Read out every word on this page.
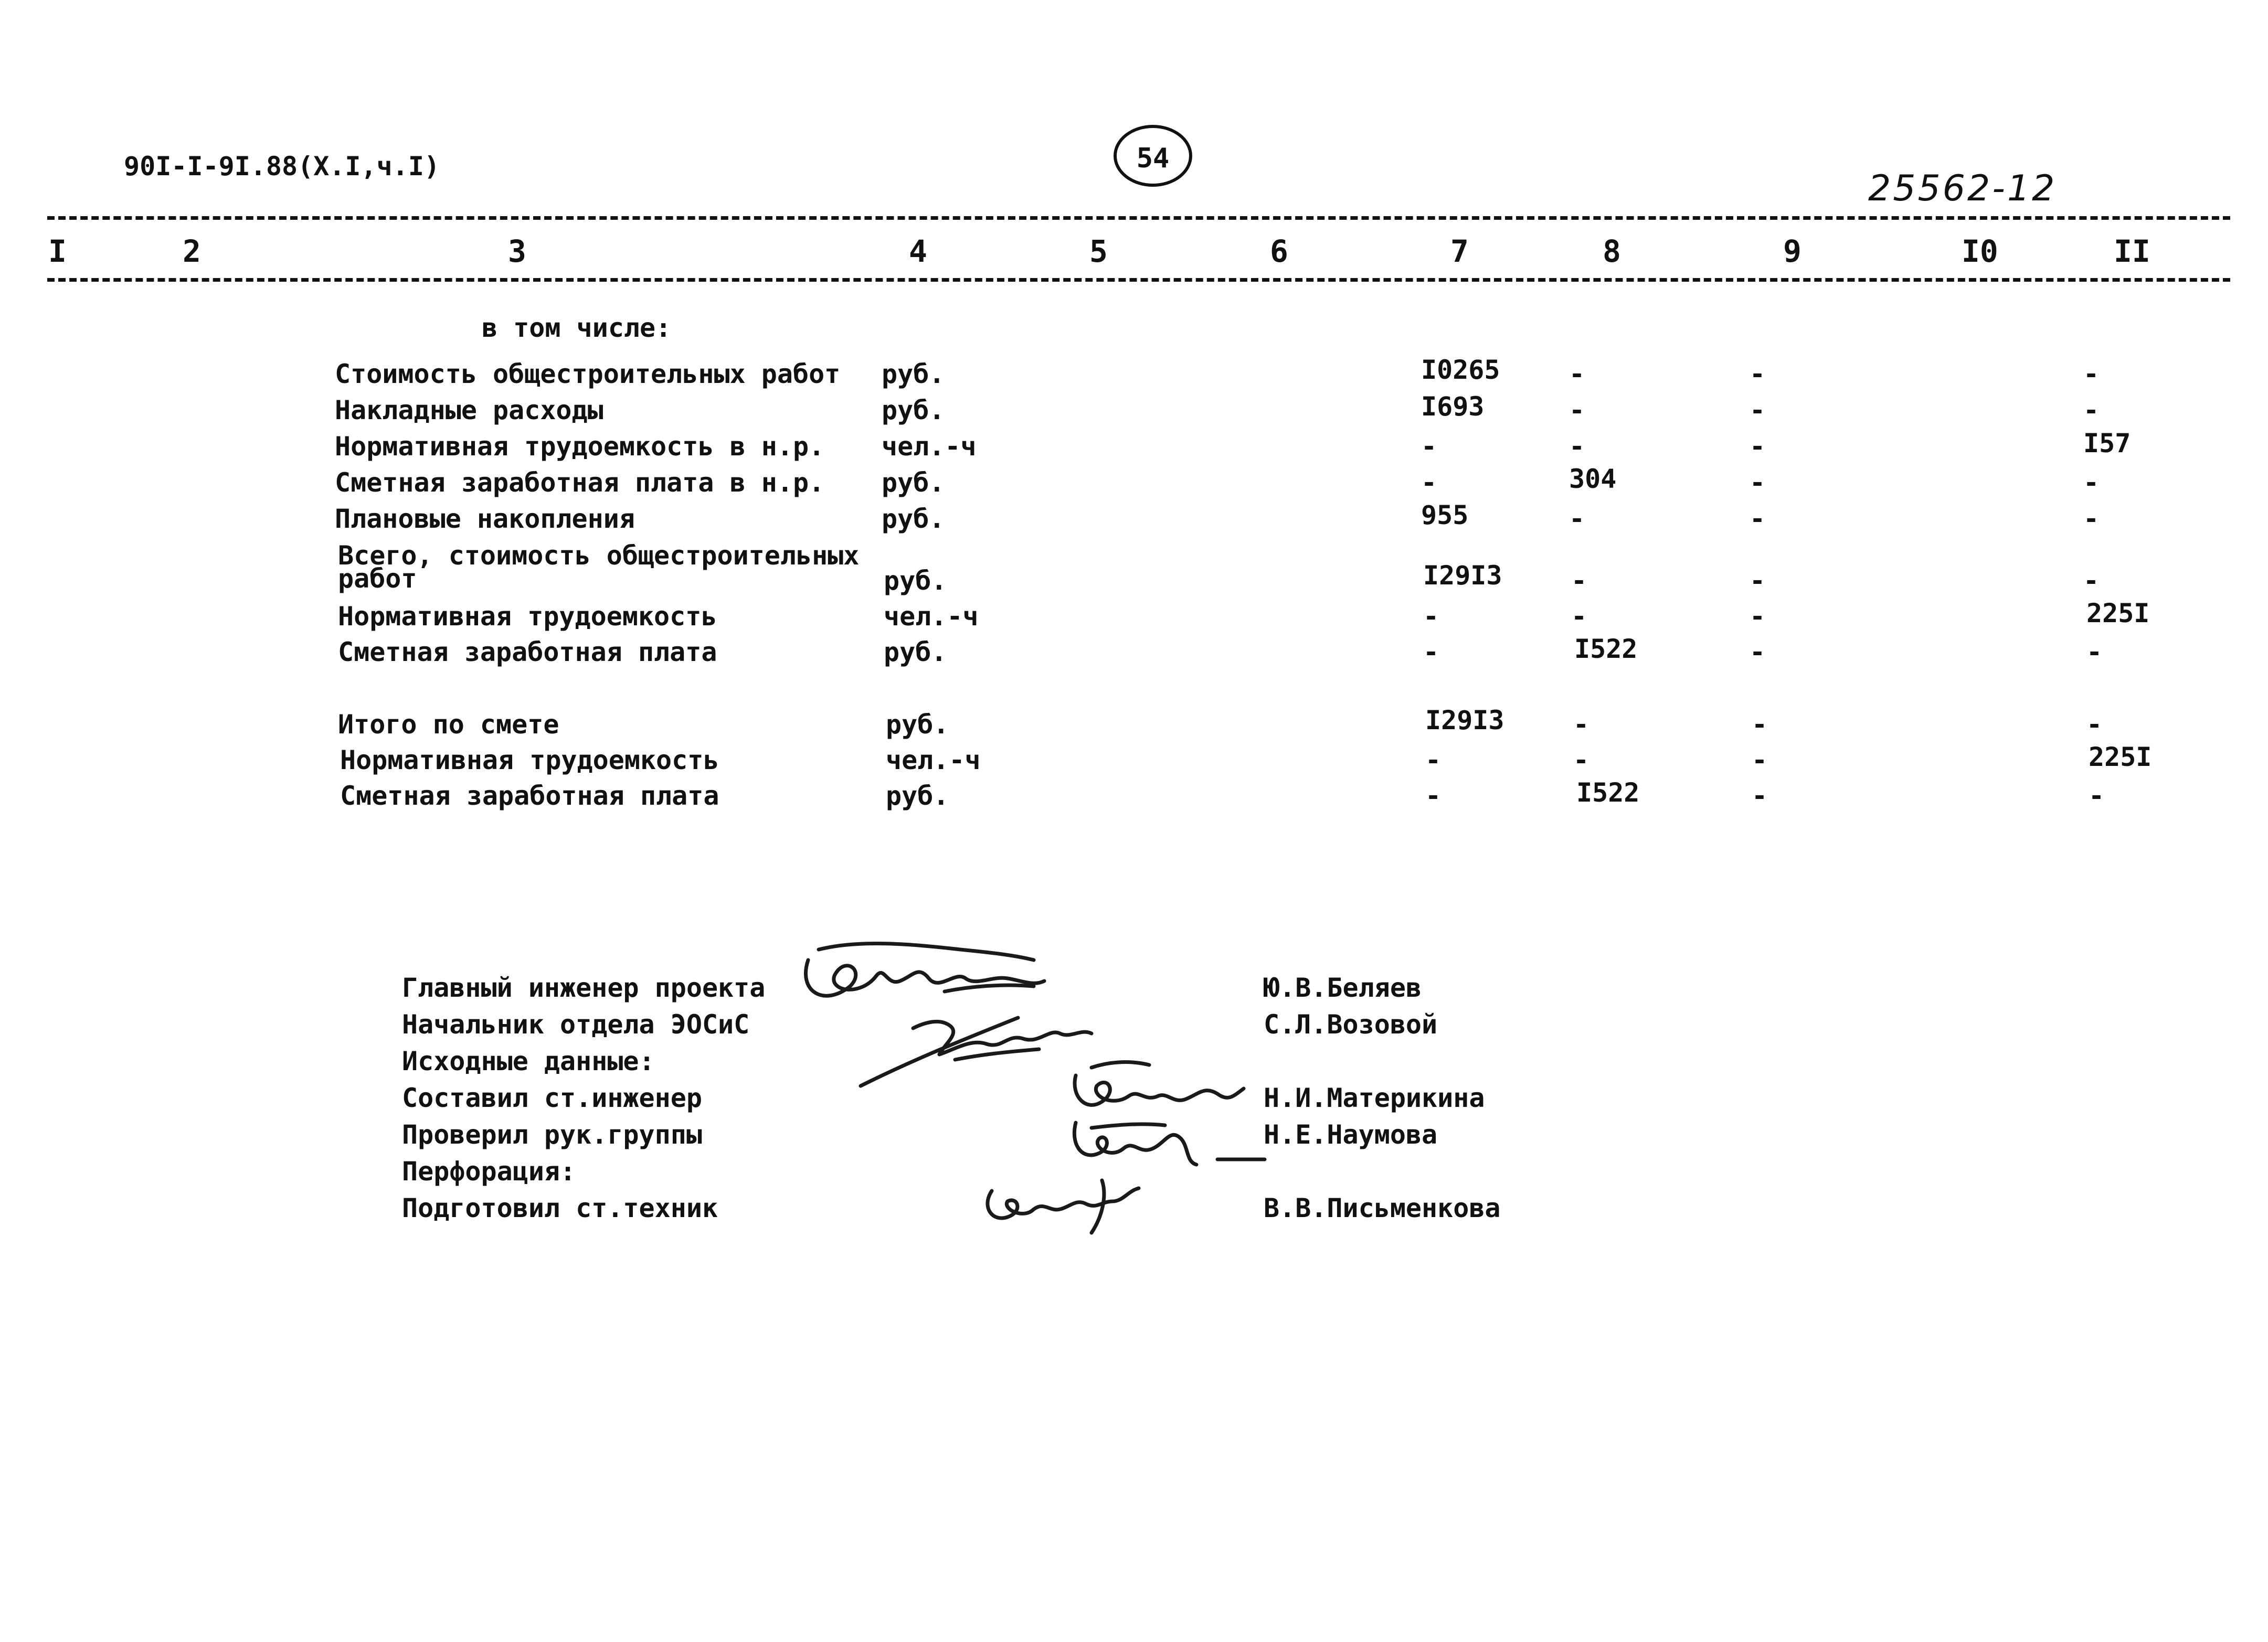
90I-I-9I.88(X.I,ч.I)	54
25562-12
I	2	3	4	5	6	7	8	9	I0	II
в том числе:
Стоимость общестроительных работ руб.	I0265	-	-	-
Накладные расходы	руб.	I693	-	-	-
Нормативная трудоемкость в н.р. чел.-ч	-	-	-	I57
Сметная заработная плата в н.р. руб.	-	304	-	-
Плановые накопления	руб.	955	-	-	-
Всего, стоимость общестроительных
работ	руб.	I29I3	-	-	-
Нормативная трудоемкость	чел.-ч	-	-	-	225I
Сметная заработная плата	руб.	-	I522	-	-
Итого по смете	руб.	I29I3	-	-	-
Нормативная трудоемкость	чел.-ч	-	-	-	225I
Сметная заработная плата	руб.	-	I522	-	-
Главный инженер проекта	Ю.В.Беляев
Начальник отдела ЭОСиС	С.Л.Возовой
Исходные данные:
Составил ст.инженер	Н.И.Материкина
Проверил рук.группы	Н.Е.Наумова
Перфорация:
Подготовил ст.техник	В.В.Письменкова
